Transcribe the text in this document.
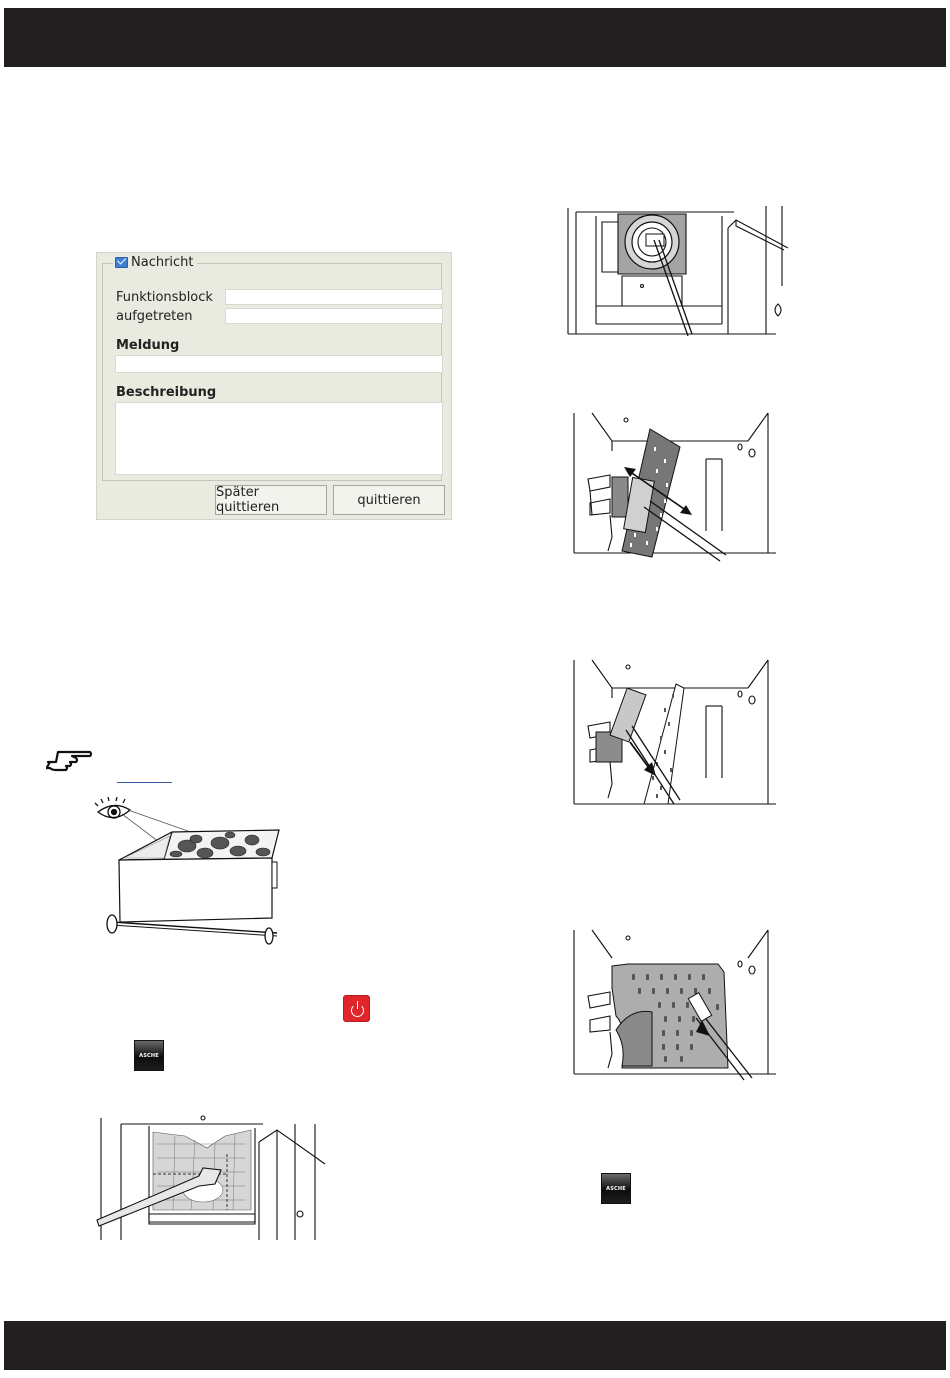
Nachricht
Funktionsblock
aufgetreten
Meldung
Beschreibung
Später quittieren	quittieren
ASCHE
ASCHE
